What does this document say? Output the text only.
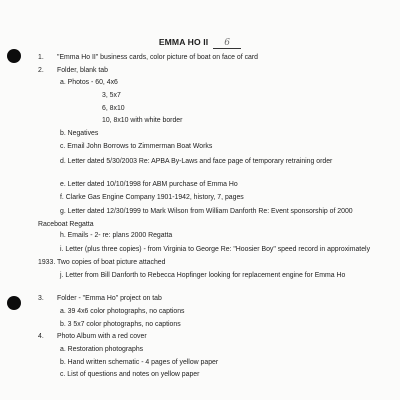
EMMA HO II 6
1. "Emma Ho II" business cards, color picture of boat on face of card
2. Folder, blank tab
a. Photos - 60, 4x6
3, 5x7
6, 8x10
10, 8x10 with white border
b. Negatives
c. Email John Borrows to Zimmerman Boat Works
d. Letter dated 5/30/2003 Re: APBA By-Laws and face page of temporary retraining order
e. Letter dated 10/10/1998 for ABM purchase of Emma Ho
f. Clarke Gas Engine Company 1901-1942, history, 7, pages
g. Letter dated 12/30/1999 to Mark Wilson from William Danforth Re: Event sponsorship of 2000 Raceboat Regatta
h. Emails - 2- re: plans 2000 Regatta
i. Letter (plus three copies) - from Virginia to George Re: "Hoosier Boy" speed record in approximately 1933. Two copies of boat picture attached
j. Letter from Bill Danforth to Rebecca Hopfinger looking for replacement engine for Emma Ho
3. Folder - "Emma Ho" project on tab
a. 39 4x6 color photographs, no captions
b. 3 5x7 color photographs, no captions
4. Photo Album with a red cover
a. Restoration photographs
b. Hand written schematic - 4 pages of yellow paper
c. List of questions and notes on yellow paper
